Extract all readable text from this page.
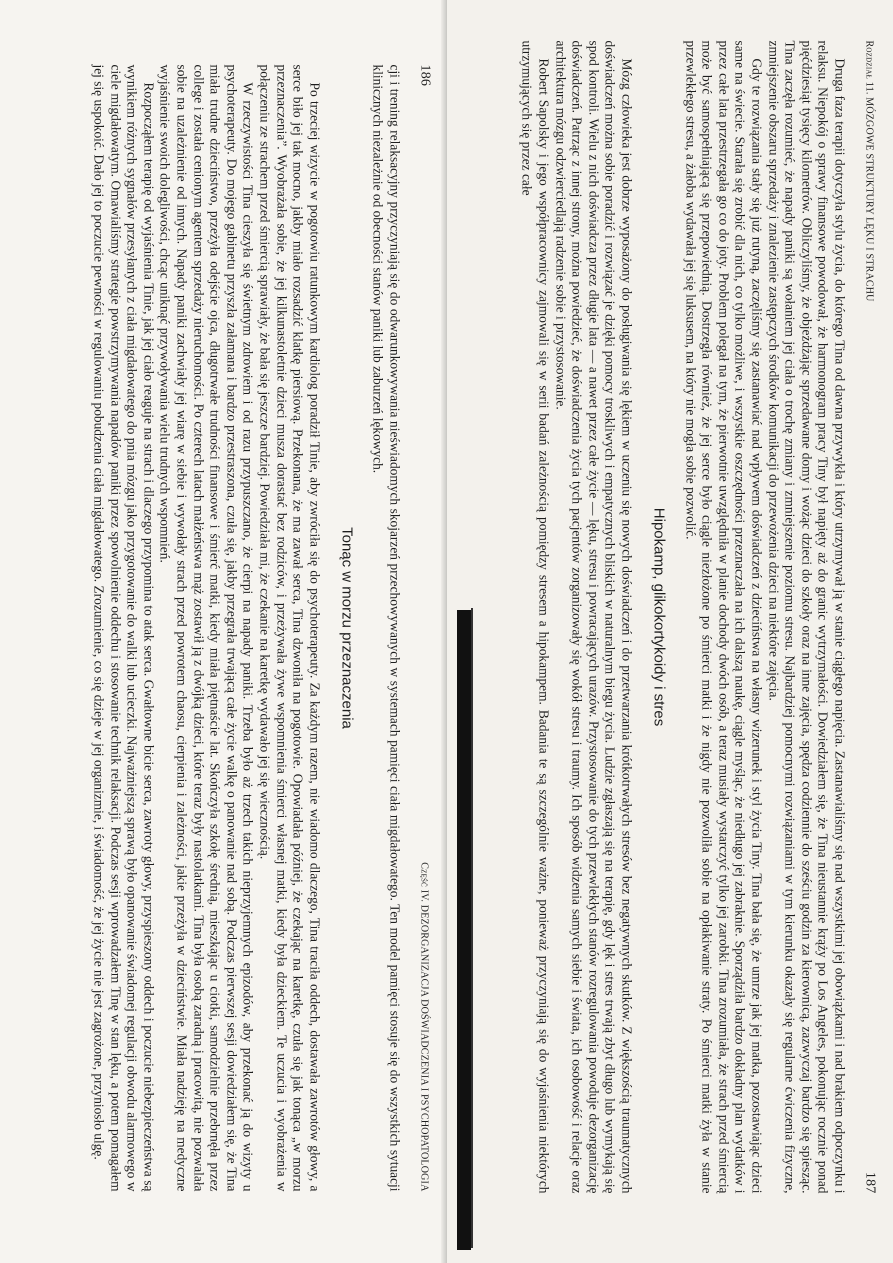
186
Część IV. DEZORGANIZACJA DOŚWIADCZENIA I PSYCHOPATOLOGIA

cji i trening relaksacyjny przyczyniają się do odwarunkowywania nieświadomych skojarzeń przechowywanych w systemach pamięci ciała migdałowatego. Ten model pamięci stosuje się do wszystkich sytuacji klinicznych niezależnie od obecności stanów paniki lub zaburzeń lękowych.

Tonąc w morzu przeznaczenia

Po trzeciej wizycie w pogotowiu ratunkowym kardiolog poradził Tinie, aby zwróciła się do psychoterapeuty. Za każdym razem, nie wiadomo dlaczego, Tina traciła oddech, dostawała zawrotów głowy, a serce biło jej tak mocno, jakby miało rozsadzić klatkę piersiową. Przekonana, że ma zawał serca, Tina dzwoniła na pogotowie. Opowiadała później, że czekając na karetkę, czuła się jak tonąca „w morzu przeznaczenia”. Wyobrażała sobie, że jej kilkunastoletnie dzieci musza dorastać bez rodziców, i przeżywała żywe wspomnienia śmierci własnej matki, kiedy była dzieckiem. Te uczucia i wyobrażenia w połączeniu ze strachem przed śmiercią sprawiały, że bała się jeszcze bardziej. Powiedziała mi, że czekanie na karetkę wydawało jej się wiecznością.

W rzeczywistości Tina cieszyła się świetnym zdrowiem i od razu przypuszczano, że cierpi na napady paniki. Trzeba było aż trzech takich nieprzyjemnych epizodów, aby przekonać ją do wizyty u psychoterapeuty. Do mojego gabinetu przyszła załamana i bardzo przestraszona, czuła się, jakby przegrała trwającą całe życie walkę o panowanie nad sobą. Podczas pierwszej sesji dowiedziałem się, że Tina miała trudne dzieciństwo, przeżyła odejście ojca, długotrwałe trudności finansowe i śmierć matki, kiedy miała piętnaście lat. Skończyła szkołę średnią, mieszkając u ciotki, samodzielnie przebrnęła przez college i została cenionym agentem sprzedaży nieruchomości. Po czterech latach małżeństwa mąż zostawił ją z dwójką dzieci, które teraz były nastolatkami. Tina była osobą zaradną i pracowitą, nie pozwalała sobie na uzależnienie od innych. Napady paniki zachwiały jej wiarę w siebie i wywołały strach przed powrotem chaosu, cierpienia i zależności, jakie przeżyła w dzieciństwie. Miała nadzieję na medyczne wyjaśnienie swoich dolegliwości, chcąc uniknąć przywoływania wielu trudnych wspomnień.

Rozpocząłem terapię od wyjaśnienia Tinie, jak jej ciało reaguje na strach i dlaczego przypomina to atak serca. Gwałtowne bicie serca, zawroty głowy, przyspieszony oddech i poczucie niebezpieczeństwa są wynikiem różnych sygnałów przesyłanych z ciała migdałowatego do pnia mózgu jako przygotowanie do walki lub ucieczki. Najważniejszą sprawą było opanowanie świadomej regulacji obwodu alarmowego w ciele migdałowatym. Omawialiśmy strategie powstrzymywania napadów paniki przez spowolnienie oddechu i stosowanie technik relaksacji. Podczas sesji wprowadzałem Tinę w stan lęku, a potem pomagałem jej się uspokoić. Dało jej to poczucie pewności w regulowaniu pobudzenia ciała migdałowatego. Zrozumienie, co się dzieje w jej organizmie, i świadomość, że jej życie nie jest zagrożone, przyniosło ulgę.	Rozdział 11. MÓZGOWE STRUKTURY LĘKU I STRACHU
187

Druga faza terapii dotyczyła stylu życia, do którego Tina od dawna przywykła i który utrzymywał ją w stanie ciągłego napięcia. Zastanawialiśmy się nad wszystkimi jej obowiązkami i nad brakiem odpoczynku i relaksu. Niepokój o sprawy finansowe powodował, że harmonogram pracy Tiny był napięty aż do granic wytrzymałości. Dowiedziałem się, że Tina nieustannie krąży po Los Angeles, pokonując rocznie ponad pięćdziesiąt tysięcy kilometrów. Obliczyliśmy, że objeżdżając sprzedawane domy i wożąc dzieci do szkoły oraz na inne zajęcia, spędza codziennie do sześciu godzin za kierownicą, zazwyczaj bardzo się spiesząc. Tina zaczęła rozumieć, że napady paniki są wołaniem jej ciała o trochę zmiany i zmniejszenie poziomu stresu. Najbardziej pomocnymi rozwiązaniami w tym kierunku okazały się regularne ćwiczenia fizyczne, zmniejszenie obszaru sprzedaży i znalezienie zastępczych środków komunikacji do przewożenia dzieci na niektóre zajęcia.

Gdy te rozwiązania stały się już rutyną, zaczęliśmy się zastanawiać nad wpływem doświadczeń z dzieciństwa na własny wizerunek i styl życia Tiny. Tina bała się, że umrze jak jej matka, pozostawiając dzieci same na świecie. Starała się zrobić dla nich, co tylko możliwe, i wszystkie oszczędności przeznaczała na ich dalszą naukę, ciągle myśląc, że niedługo jej zabraknie. Sporządziła bardzo dokładny plan wydatków i przez całe lata przestrzegała go co do joty. Problem polegał na tym, że pierwotnie uwzględniła w planie dochody dwóch osób, a teraz musiały wystarczyć tylko jej zarobki. Tina zrozumiała, że strach przed śmiercią może być samospełniającą się przepowiednią. Dostrzegła również, że jej serce było ciągle niezłożone po śmierci matki i że nigdy nie pozwoliła sobie na opłakiwanie straty. Po śmierci matki żyła w stanie przewlekłego stresu, a żałoba wydawała jej się luksusem, na który nie mogła sobie pozwolić.

Hipokamp, glikokortykoidy i stres

Mózg człowieka jest dobrze wyposażony do posługiwania się lękiem w uczeniu się nowych doświadczeń i do przetwarzania krótkotrwałych stresów bez negatywnych skutków. Z większością traumatycznych doświadczeń można sobie poradzić i rozwiązać je dzięki pomocy troskliwych i empatycznych bliskich w naturalnym biegu życia. Ludzie zgłaszają się na terapię, gdy lęk i stres trwają zbyt długo lub wymykają się spod kontroli. Wielu z nich doświadcza przez długie lata — a nawet przez całe życie — lęku, stresu i powracających urazów. Przystosowanie do tych przewlekłych stanów rozregulowania powoduje dezorganizację doświadczeń. Patrząc z innej strony, można powiedzieć, że doświadczenia życia tych pacjentów zorganizowały się wokół stresu i traumy. Ich sposób widzenia samych siebie i świata, ich osobowość i relacje oraz architektura mózgu odzwierciedlają radzenie sobie i przystosowanie.

Robert Sapolsky i jego współpracownicy zajmowali się w serii badań zależnością pomiędzy stresem a hipokampem. Badania te są szczególnie ważne, ponieważ przyczyniają się do wyjaśnienia niektórych utrzymujących się przez całe
